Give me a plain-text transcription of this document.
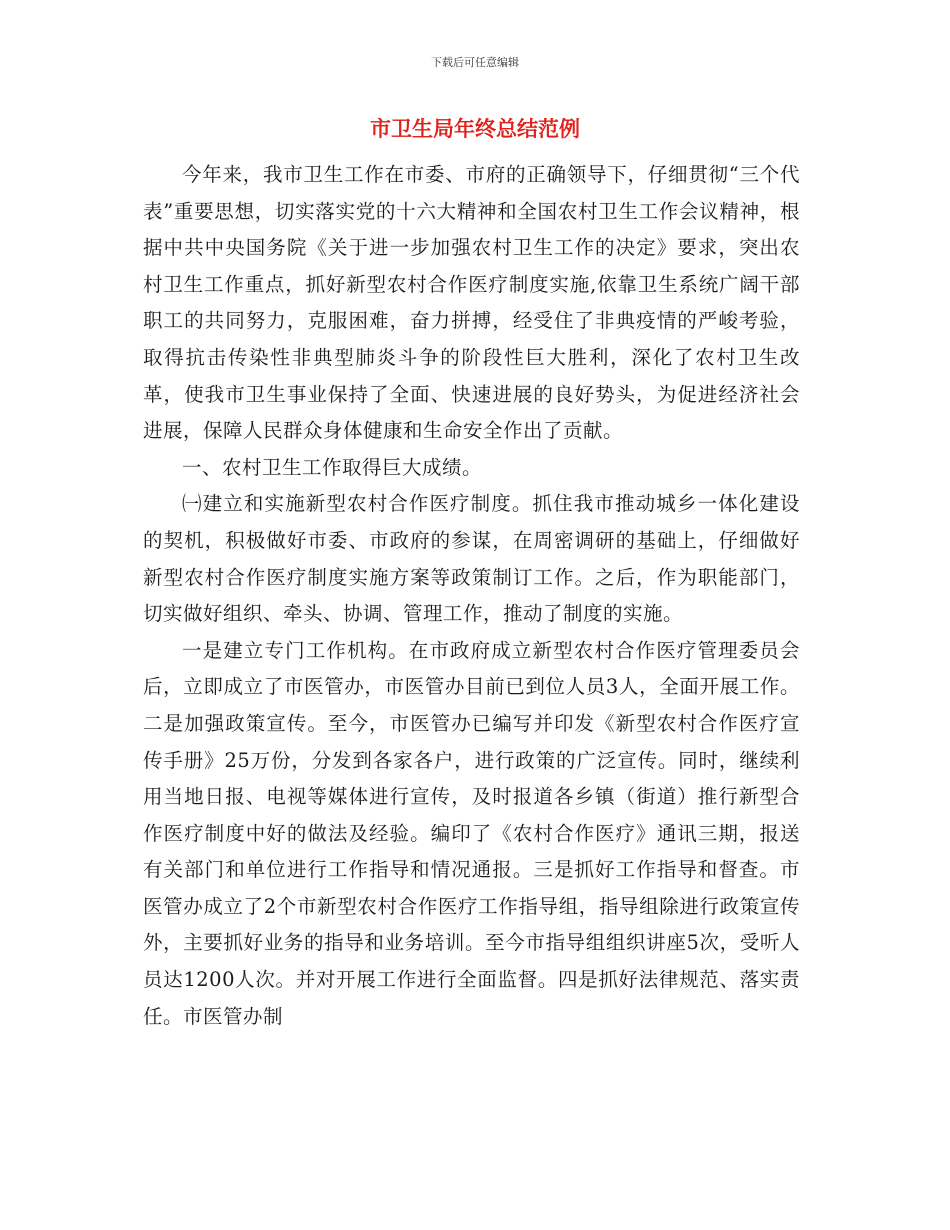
下载后可任意编辑
市卫生局年终总结范例

今年来，我市卫生工作在市委、市府的正确领导下，仔细贯彻“三个代表”重要思想，切实落实党的十六大精神和全国农村卫生工作会议精神，根据中共中央国务院《关于进一步加强农村卫生工作的决定》要求，突出农村卫生工作重点，抓好新型农村合作医疗制度实施,依靠卫生系统广阔干部职工的共同努力，克服困难，奋力拼搏，经受住了非典疫情的严峻考验，取得抗击传染性非典型肺炎斗争的阶段性巨大胜利，深化了农村卫生改革，使我市卫生事业保持了全面、快速进展的良好势头，为促进经济社会进展，保障人民群众身体健康和生命安全作出了贡献。

一、农村卫生工作取得巨大成绩。

㈠建立和实施新型农村合作医疗制度。抓住我市推动城乡一体化建设的契机，积极做好市委、市政府的参谋，在周密调研的基础上，仔细做好新型农村合作医疗制度实施方案等政策制订工作。之后，作为职能部门，切实做好组织、牵头、协调、管理工作，推动了制度的实施。

一是建立专门工作机构。在市政府成立新型农村合作医疗管理委员会后，立即成立了市医管办，市医管办目前已到位人员3人，全面开展工作。二是加强政策宣传。至今，市医管办已编写并印发《新型农村合作医疗宣传手册》25万份，分发到各家各户，进行政策的广泛宣传。同时，继续利用当地日报、电视等媒体进行宣传，及时报道各乡镇（街道）推行新型合作医疗制度中好的做法及经验。编印了《农村合作医疗》通讯三期，报送有关部门和单位进行工作指导和情况通报。三是抓好工作指导和督查。市医管办成立了2个市新型农村合作医疗工作指导组，指导组除进行政策宣传外，主要抓好业务的指导和业务培训。至今市指导组组织讲座5次，受听人员达1200人次。并对开展工作进行全面监督。四是抓好法律规范、落实责任。市医管办制
